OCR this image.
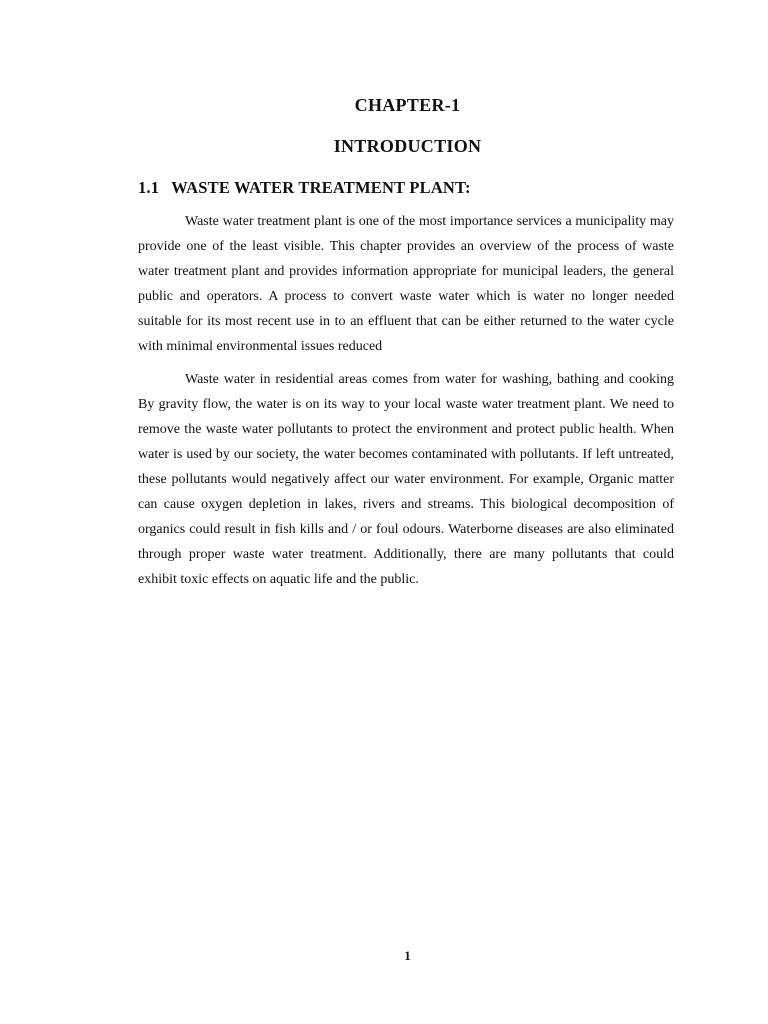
CHAPTER-1
INTRODUCTION
1.1 WASTE WATER TREATMENT PLANT:

Waste water treatment plant is one of the most importance services a municipality may provide one of the least visible. This chapter provides an overview of the process of waste water treatment plant and provides information appropriate for municipal leaders, the general public and operators. A process to convert waste water which is water no longer needed suitable for its most recent use in to an effluent that can be either returned to the water cycle with minimal environmental issues reduced

Waste water in residential areas comes from water for washing, bathing and cooking By gravity flow, the water is on its way to your local waste water treatment plant. We need to remove the waste water pollutants to protect the environment and protect public health. When water is used by our society, the water becomes contaminated with pollutants. If left untreated, these pollutants would negatively affect our water environment. For example, Organic matter can cause oxygen depletion in lakes, rivers and streams. This biological decomposition of organics could result in fish kills and / or foul odours. Waterborne diseases are also eliminated through proper waste water treatment. Additionally, there are many pollutants that could exhibit toxic effects on aquatic life and the public.

1
